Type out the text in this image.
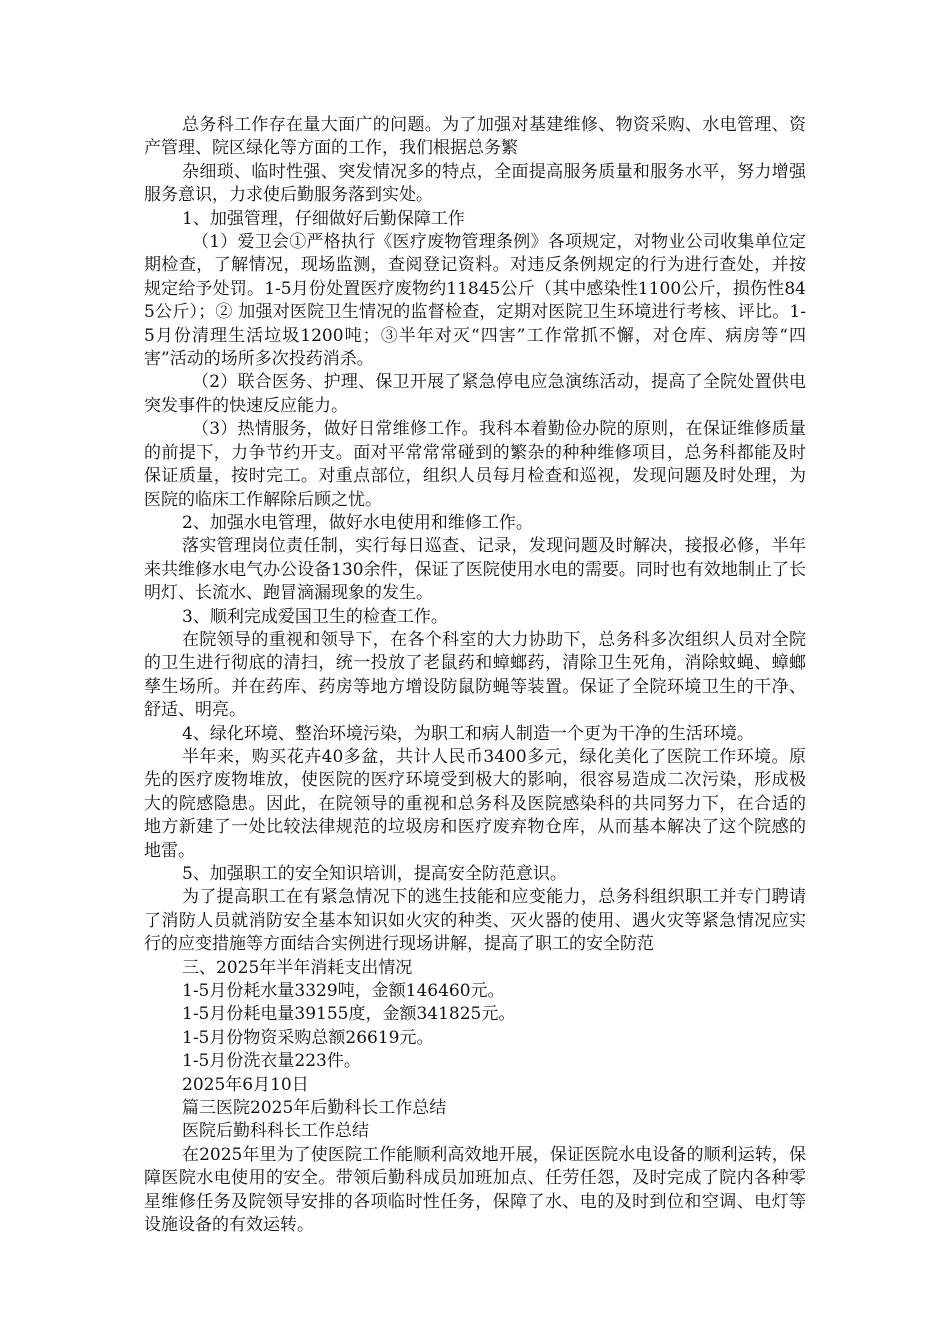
总务科工作存在量大面广的问题。为了加强对基建维修、物资采购、水电管理、资产管理、院区绿化等方面的工作，我们根据总务繁

杂细琐、临时性强、突发情况多的特点，全面提高服务质量和服务水平，努力增强服务意识，力求使后勤服务落到实处。

1、加强管理，仔细做好后勤保障工作

（1）爱卫会①严格执行《医疗废物管理条例》各项规定，对物业公司收集单位定期检查，了解情况，现场监测，查阅登记资料。对违反条例规定的行为进行查处，并按规定给予处罚。1-5月份处置医疗废物约11845公斤（其中感染性1100公斤，损伤性845公斤）；② 加强对医院卫生情况的监督检查，定期对医院卫生环境进行考核、评比。1-5月份清理生活垃圾1200吨；③半年对灭“四害”工作常抓不懈，对仓库、病房等“四害”活动的场所多次投药消杀。

（2）联合医务、护理、保卫开展了紧急停电应急演练活动，提高了全院处置供电突发事件的快速反应能力。

（3）热情服务，做好日常维修工作。我科本着勤俭办院的原则，在保证维修质量的前提下，力争节约开支。面对平常常常碰到的繁杂的种种维修项目，总务科都能及时保证质量，按时完工。对重点部位，组织人员每月检查和巡视，发现问题及时处理，为医院的临床工作解除后顾之忧。

2、加强水电管理，做好水电使用和维修工作。

落实管理岗位责任制，实行每日巡查、记录，发现问题及时解决，接报必修，半年来共维修水电气办公设备130余件，保证了医院使用水电的需要。同时也有效地制止了长明灯、长流水、跑冒滴漏现象的发生。

3、顺利完成爱国卫生的检查工作。

在院领导的重视和领导下，在各个科室的大力协助下，总务科多次组织人员对全院的卫生进行彻底的清扫，统一投放了老鼠药和蟑螂药，清除卫生死角，消除蚊蝇、蟑螂孳生场所。并在药库、药房等地方增设防鼠防蝇等装置。保证了全院环境卫生的干净、舒适、明亮。

4、绿化环境、整治环境污染，为职工和病人制造一个更为干净的生活环境。

半年来，购买花卉40多盆，共计人民币3400多元，绿化美化了医院工作环境。原先的医疗废物堆放，使医院的医疗环境受到极大的影响，很容易造成二次污染，形成极大的院感隐患。因此，在院领导的重视和总务科及医院感染科的共同努力下，在合适的地方新建了一处比较法律规范的垃圾房和医疗废弃物仓库，从而基本解决了这个院感的地雷。

5、加强职工的安全知识培训，提高安全防范意识。

为了提高职工在有紧急情况下的逃生技能和应变能力，总务科组织职工并专门聘请了消防人员就消防安全基本知识如火灾的种类、灭火器的使用、遇火灾等紧急情况应实行的应变措施等方面结合实例进行现场讲解，提高了职工的安全防范

三、2025年半年消耗支出情况

1-5月份耗水量3329吨，金额146460元。

1-5月份耗电量39155度，金额341825元。

1-5月份物资采购总额26619元。

1-5月份洗衣量223件。

2025年6月10日

篇三医院2025年后勤科长工作总结

医院后勤科科长工作总结

在2025年里为了使医院工作能顺利高效地开展，保证医院水电设备的顺利运转，保障医院水电使用的安全。带领后勤科成员加班加点、任劳任怨，及时完成了院内各种零星维修任务及院领导安排的各项临时性任务，保障了水、电的及时到位和空调、电灯等设施设备的有效运转。
